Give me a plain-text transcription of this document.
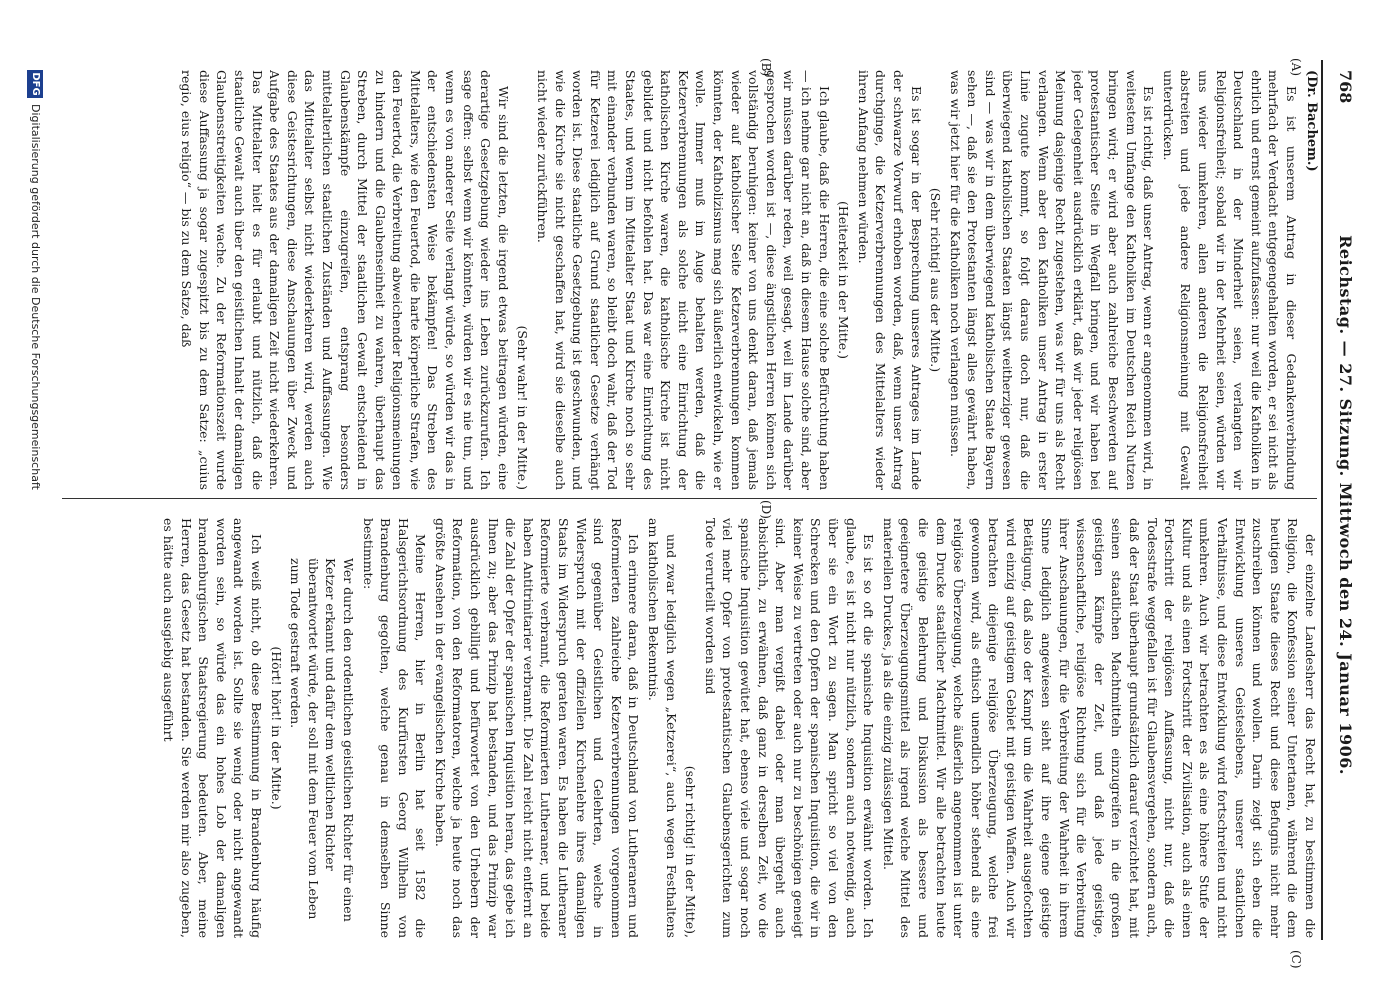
768
Reichstag. — 27. Sitzung. Mittwoch den 24. Januar 1906.
(A)
(B)
(C)
(D)
(Dr. Bachem.)

Es ist unserem Antrag in dieser Gedankenverbindung mehrfach der Verdacht entgegengehalten worden, er sei nicht als ehrlich und ernst gemeint aufzufassen: nur weil die Katholiken in Deutschland in der Minderheit seien, verlangten wir Religionsfreiheit; sobald wir in der Mehrheit seien, würden wir uns wieder umkehren, allen anderen die Religionsfreiheit abstreiten und jede andere Religionsmeinung mit Gewalt unterdrücken.

Es ist richtig, daß unser Antrag, wenn er angenommen wird, in weitestem Umfange den Katholiken im Deutschen Reich Nutzen bringen wird; er wird aber auch zahlreiche Beschwerden auf protestantischer Seite in Wegfall bringen, und wir haben bei jeder Gelegenheit ausdrücklich erklärt, daß wir jeder religiösen Meinung dasjenige Recht zugestehen, was wir für uns als Recht verlangen. Wenn aber den Katholiken unser Antrag in erster Linie zugute kommt, so folgt daraus doch nur, daß die überwiegend katholischen Staaten längst weitherziger gewesen sind — was wir in dem überwiegend katholischen Staate Bayern sehen —, daß sie den Protestanten längst alles gewährt haben, was wir jetzt hier für die Katholiken noch verlangen müssen.

(Sehr richtig! aus der Mitte.)

Es ist sogar in der Besprechung unseres Antrages im Lande der schwarze Vorwurf erhoben worden, daß, wenn unser Antrag durchginge, die Ketzerverbrennungen des Mittelalters wieder ihren Anfang nehmen würden.

(Heiterkeit in der Mitte.)

Ich glaube, daß die Herren, die eine solche Befürchtung haben — ich nehme gar nicht an, daß in diesem Hause solche sind, aber wir müssen darüber reden, weil gesagt, weil im Lande darüber gesprochen worden ist —, diese ängstlichen Herren können sich vollständig beruhigen: keiner von uns denkt daran, daß jemals wieder auf katholischer Seite Ketzerverbrennungen kommen könnten, der Katholizismus mag sich äußerlich entwickeln, wie er wolle. Immer muß im Auge behalten werden, daß die Ketzerverbrennungen als solche nicht eine Einrichtung der katholischen Kirche waren, die katholische Kirche ist nicht gebildet und nicht befohlen hat. Das war eine Einrichtung des Staates, und wenn im Mittelalter Staat und Kirche noch so sehr mit einander verbunden waren, so bleibt doch wahr, daß der Tod für Ketzerei lediglich auf Grund staatlicher Gesetze verhängt worden ist. Diese staatliche Gesetzgebung ist geschwunden, und wie die Kirche sie nicht geschaffen hat, wird sie dieselbe auch nicht wieder zurückführen.

(Sehr wahr! in der Mitte.)

Wir sind die letzten, die irgend etwas beitragen würden, eine derartige Gesetzgebung wieder ins Leben zurückzurufen. Ich sage offen: selbst wenn wir könnten, würden wir es nie tun, und wenn es von anderer Seite verlangt würde, so würden wir das in der entschiedensten Weise bekämpfen! Das Streben des Mittelalters, wie den Feuertod, die harte körperliche Strafen, wie den Feuertod, die Verbreitung abweichender Religionsmeinungen zu hindern und die Glaubenseinheit zu wahren, überhaupt das Streben, durch Mittel der staatlichen Gewalt entscheidend in Glaubenskämpfe einzugreifen, entsprang besonders mittelalterlichen staatlichen Zuständen und Auffassungen. Wie das Mittelalter selbst nicht wiederkehren wird, werden auch diese Geistesrichtungen, diese Anschauungen über Zweck und Aufgabe des Staates aus der damaligen Zeit nicht wiederkehren. Das Mittelalter hielt es für erlaubt und nützlich, daß die staatliche Gewalt auch über den geistlichen Inhalt der damaligen Glaubensstreitigkeiten wache. Zu der Reformationszeit wurde diese Auffassung ja sogar zugespitzt bis zu dem Satze: „cuius regio, eius religio“ — bis zu dem Satze, daß

der einzelne Landesherr das Recht hat, zu bestimmen die Religion, die Konfession seiner Untertanen, während die dem heutigen Staate dieses Recht und diese Befugnis nicht mehr zuschreiben können und wollen. Darin zeigt sich eben die Entwicklung unseres Geisteslebens, unserer staatlichen Verhältnisse, und diese Entwicklung wird fortschreiten und nicht umkehren. Auch wir betrachten es als eine höhere Stufe der Kultur und als einen Fortschritt der Zivilisation, auch als einen Fortschritt der religiösen Auffassung, nicht nur, daß die Todesstrafe weggefallen ist für Glaubensvergehen, sondern auch, daß der Staat überhaupt grundsätzlich darauf verzichtet hat, mit seinen staatlichen Machtmitteln einzugreifen in die großen geistigen Kämpfe der Zeit, und daß jede geistige, wissenschaftliche, religiöse Richtung sich für die Verbreitung ihrer Anschauungen, für die Verbreitung der Wahrheit in ihrem Sinne lediglich angewiesen sieht auf ihre eigene geistige Betätigung, daß also der Kampf um die Wahrheit ausgefochten wird einzig auf geistigem Gebiet mit geistigen Waffen. Auch wir betrachten diejenige religiöse Überzeugung, welche frei gewonnen wird, als ethisch unendlich höher stehend als eine religiöse Überzeugung, welche äußerlich angenommen ist unter dem Drucke staatlicher Machtmittel. Wir alle betrachten heute die geistige Belehrung und Diskussion als bessere und geeignetere Überzeugungsmittel als irgend welche Mittel des materiellen Druckes, ja als die einzig zulässigen Mittel.

Es ist so oft die spanische Inquisition erwähnt worden. Ich glaube, es ist nicht nur nützlich, sondern auch notwendig, auch über sie ein Wort zu sagen. Man spricht so viel von den Schrecken und den Opfern der spanischen Inquisition, die wir in keiner Weise zu vertreten oder auch nur zu beschönigen geneigt sind. Aber man vergißt dabei oder man übergeht auch absichtlich, zu erwähnen, daß ganz in derselben Zeit, wo die spanische Inquisition gewütet hat, ebenso viele und sogar noch viel mehr Opfer von protestantischen Glaubensgerichten zum Tode verurteilt worden sind

(sehr richtig! in der Mitte),

und zwar lediglich wegen „Ketzerei“, auch wegen Festhaltens am katholischen Bekenntnis.

Ich erinnere daran, daß in Deutschland von Lutheranern und Reformierten zahlreiche Ketzerverbrennungen vorgenommen sind gegenüber Geistlichen und Gelehrten, welche in Widerspruch mit der offiziellen Kirchenlehre ihres damaligen Staats im Widerspruch geraten waren. Es haben die Lutheraner Reformierte verbrannt, die Reformierten Lutheraner, und beide haben Antitrinitarier verbrannt. Die Zahl reicht nicht entfernt an die Zahl der Opfer der spanischen Inquisition heran, das gebe ich Ihnen zu; aber das Prinzip hat bestanden, und das Prinzip war ausdrücklich gebilligt und befürwortet von den Urhebern der Reformation, von den Reformatoren, welche ja heute noch das größte Ansehen in der evangelischen Kirche haben.

Meine Herren, hier in Berlin hat seit 1582 die Halsgerichtsordnung des Kurfürsten Georg Wilhelm von Brandenburg gegolten, welche genau in demselben Sinne bestimmte:

Wer durch den ordentlichen geistlichen Richter für einen Ketzer erkannt und dafür dem weltlichen Richter überantwortet würde, der soll mit dem Feuer vom Leben zum Tode gestraft werden.

(Hört! hört! in der Mitte.)

Ich weiß nicht, ob diese Bestimmung in Brandenburg häufig angewandt worden ist. Sollte sie wenig oder nicht angewandt worden sein, so würde das ein hohes Lob der damaligen brandenburgischen Staatsregierung bedeuten. Aber, meine Herren, das Gesetz hat bestanden. Sie werden mir also zugeben, es hätte auch ausgiebig ausgeführt

DFG
Digitalisierung gefördert durch die Deutsche Forschungsgemeinschaft
